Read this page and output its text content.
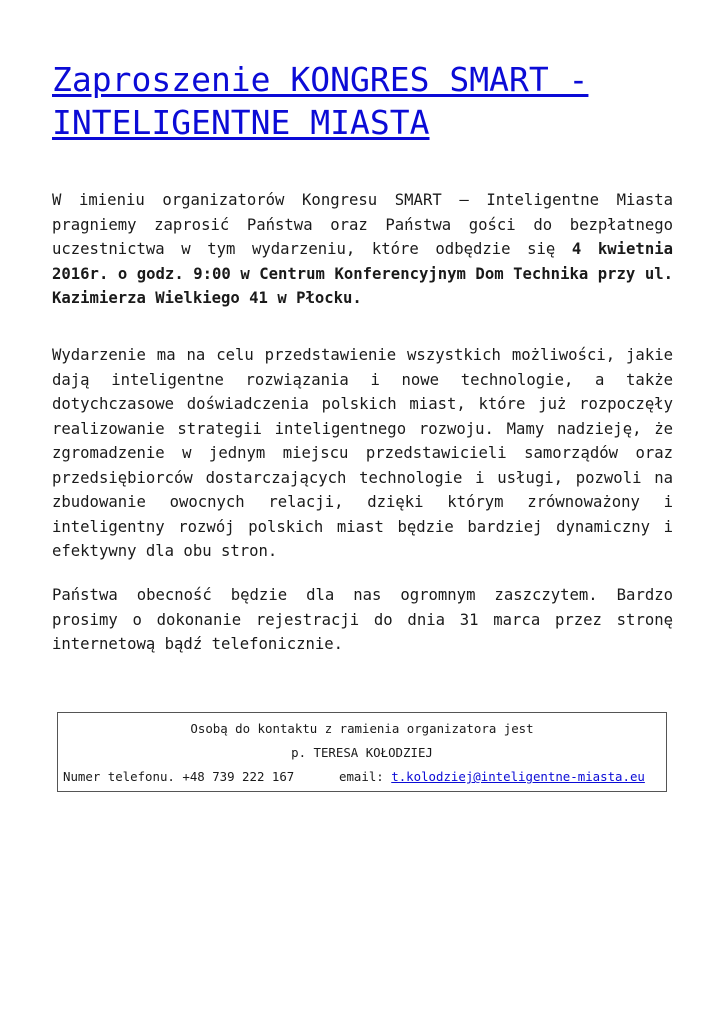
Zaproszenie KONGRES SMART - INTELIGENTNE MIASTA

W imieniu organizatorów Kongresu SMART – Inteligentne Miasta pragniemy zaprosić Państwa oraz Państwa gości do bezpłatnego uczestnictwa w tym wydarzeniu, które odbędzie się 4 kwietnia 2016r. o godz. 9:00 w Centrum Konferencyjnym Dom Technika przy ul. Kazimierza Wielkiego 41 w Płocku.

Wydarzenie ma na celu przedstawienie wszystkich możliwości, jakie dają inteligentne rozwiązania i nowe technologie, a także dotychczasowe doświadczenia polskich miast, które już rozpoczęły realizowanie strategii inteligentnego rozwoju. Mamy nadzieję, że zgromadzenie w jednym miejscu przedstawicieli samorządów oraz przedsiębiorców dostarczających technologie i usługi, pozwoli na zbudowanie owocnych relacji, dzięki którym zrównoważony i inteligentny rozwój polskich miast będzie bardziej dynamiczny i efektywny dla obu stron.

Państwa obecność będzie dla nas ogromnym zaszczytem. Bardzo prosimy o dokonanie rejestracji do dnia 31 marca przez stronę internetową bądź telefonicznie.

Osobą do kontaktu z ramienia organizatora jest
p. TERESA KOŁODZIEJ
Numer telefonu. +48 739 222 167      email: t.kolodziej@inteligentne-miasta.eu
